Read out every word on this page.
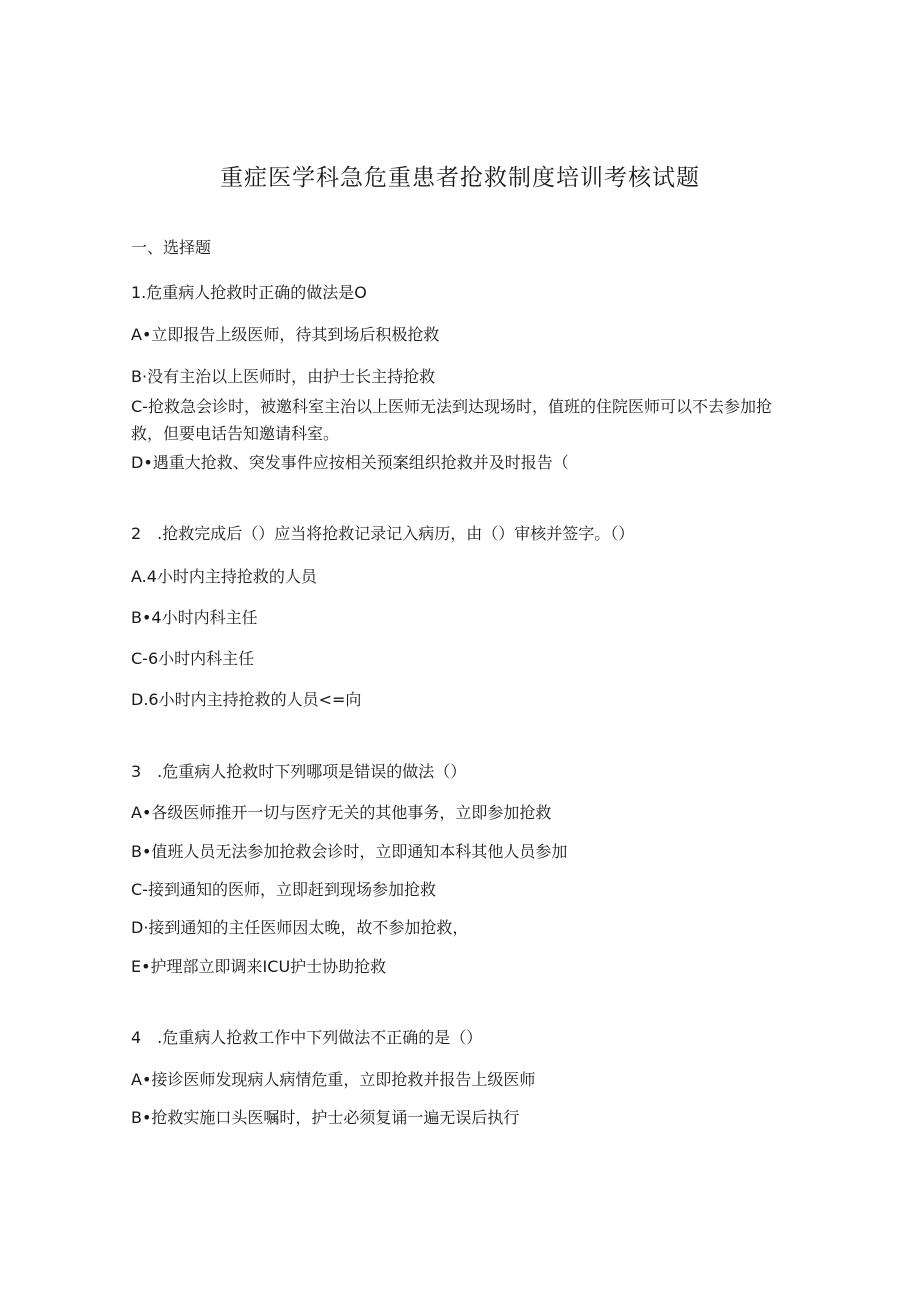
重症医学科急危重患者抢救制度培训考核试题
一、选择题
1.危重病人抢救时正确的做法是O
A•立即报告上级医师，待其到场后积极抢救
B·没有主治以上医师时，由护士长主持抢救
C-抢救急会诊时，被邀科室主治以上医师无法到达现场时，值班的住院医师可以不去参加抢救，但要电话告知邀请科室。
D•遇重大抢救、突发事件应按相关预案组织抢救并及时报告（
2　.抢救完成后（）应当将抢救记录记入病历，由（）审核并签字。（）
A.4小时内主持抢救的人员
B•4小时内科主任
C-6小时内科主任
D.6小时内主持抢救的人员<=向
3　.危重病人抢救时下列哪项是错误的做法（）
A•各级医师推开一切与医疗无关的其他事务，立即参加抢救
B•值班人员无法参加抢救会诊时，立即通知本科其他人员参加
C-接到通知的医师，立即赶到现场参加抢救
D·接到通知的主任医师因太晚，故不参加抢救，
E•护理部立即调来ICU护士协助抢救
4　.危重病人抢救工作中下列做法不正确的是（）
A•接诊医师发现病人病情危重，立即抢救并报告上级医师
B•抢救实施口头医嘱时，护士必须复诵一遍无误后执行
